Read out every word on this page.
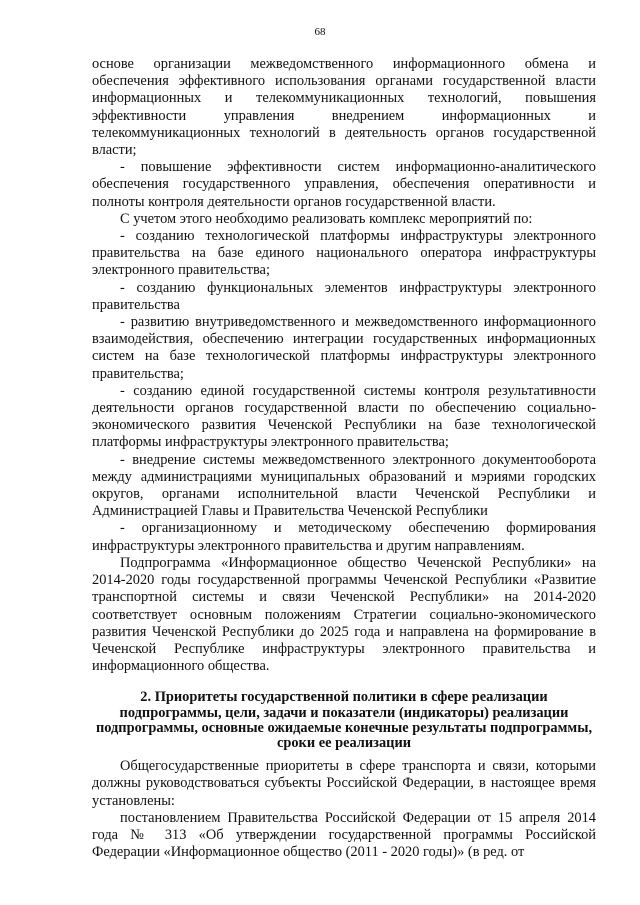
68

основе организации межведомственного информационного обмена и обеспечения эффективного использования органами государственной власти информационных и телекоммуникационных технологий, повышения эффективности управления внедрением информационных и телекоммуникационных технологий в деятельность органов государственной власти;

- повышение эффективности систем информационно-аналитического обеспечения государственного управления, обеспечения оперативности и полноты контроля деятельности органов государственной власти.

С учетом этого необходимо реализовать комплекс мероприятий по:

- созданию технологической платформы инфраструктуры электронного правительства на базе единого национального оператора инфраструктуры электронного правительства;

- созданию функциональных элементов инфраструктуры электронного правительства

- развитию внутриведомственного и межведомственного информационного взаимодействия, обеспечению интеграции государственных информационных систем на базе технологической платформы инфраструктуры электронного правительства;

- созданию единой государственной системы контроля результативности деятельности органов государственной власти по обеспечению социально-экономического развития Чеченской Республики на базе технологической платформы инфраструктуры электронного правительства;

- внедрение системы межведомственного электронного документооборота между администрациями муниципальных образований и мэриями городских округов, органами исполнительной власти Чеченской Республики и Администрацией Главы и Правительства Чеченской Республики

- организационному и методическому обеспечению формирования инфраструктуры электронного правительства и другим направлениям.

Подпрограмма «Информационное общество Чеченской Республики» на 2014-2020 годы государственной программы Чеченской Республики «Развитие транспортной системы и связи Чеченской Республики» на 2014-2020 соответствует основным положениям Стратегии социально-экономического развития Чеченской Республики до 2025 года и направлена на формирование в Чеченской Республике инфраструктуры электронного правительства и информационного общества.

2. Приоритеты государственной политики в сфере реализации подпрограммы, цели, задачи и показатели (индикаторы) реализации подпрограммы, основные ожидаемые конечные результаты подпрограммы, сроки ее реализации

Общегосударственные приоритеты в сфере транспорта и связи, которыми должны руководствоваться субъекты Российской Федерации, в настоящее время установлены:

постановлением Правительства Российской Федерации от 15 апреля 2014 года № 313 «Об утверждении государственной программы Российской Федерации «Информационное общество (2011 - 2020 годы)» (в ред. от
